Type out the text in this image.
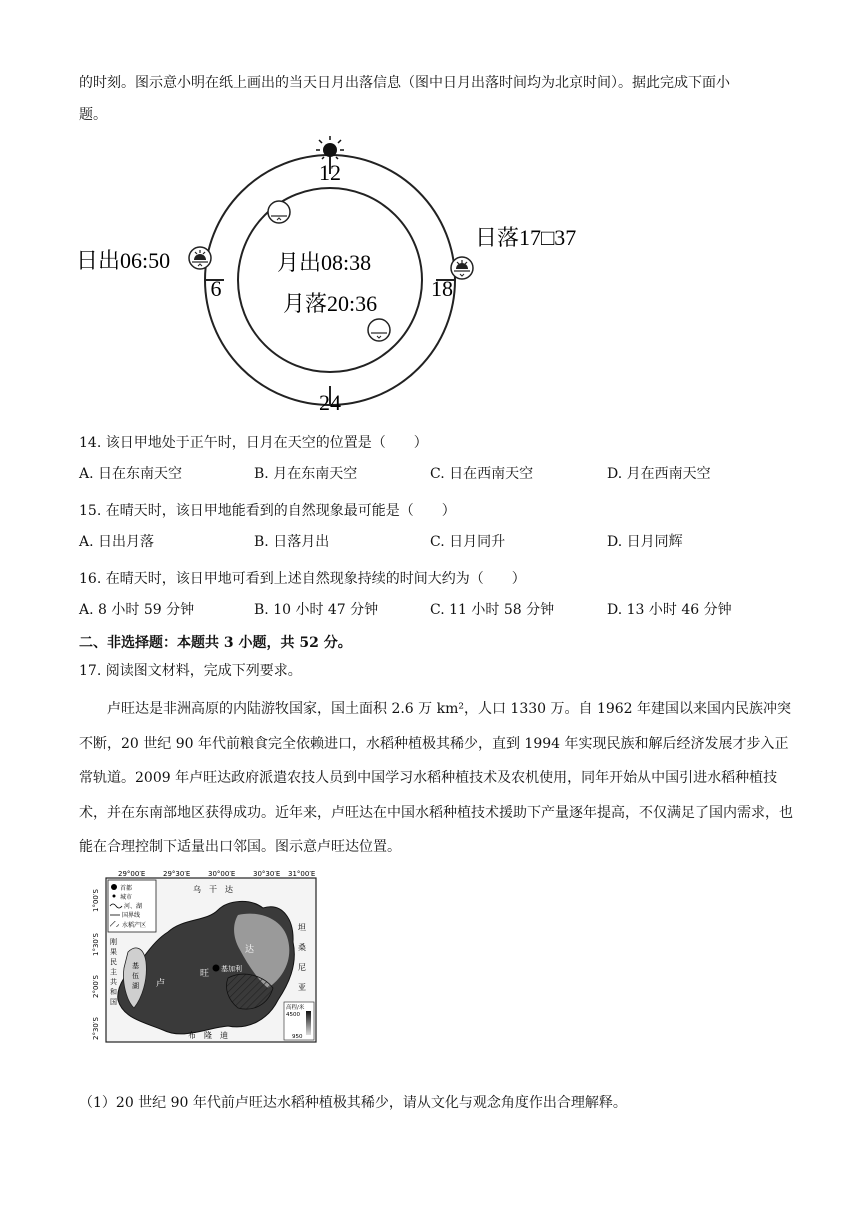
的时刻。图示意小明在纸上画出的当天日月出落信息（图中日月出落时间均为北京时间）。据此完成下面小
题。
12
24
6	18
日出06:50
日落17□37
月出08:38
月落20:36
14. 该日甲地处于正午时，日月在天空的位置是（　　）
A. 日在东南天空	B. 月在东南天空	C. 日在西南天空	D. 月在西南天空
15. 在晴天时，该日甲地能看到的自然现象最可能是（　　）
A. 日出月落	B. 日落月出	C. 日月同升	D. 日月同辉
16. 在晴天时，该日甲地可看到上述自然现象持续的时间大约为（　　）
A. 8 小时 59 分钟	B. 10 小时 47 分钟	C. 11 小时 58 分钟	D. 13 小时 46 分钟
二、非选择题：本题共 3 小题，共 52 分。
17. 阅读图文材料，完成下列要求。
卢旺达是非洲高原的内陆游牧国家，国土面积 2.6 万 km²，人口 1330 万。自 1962 年建国以来国内民族冲突不断，20 世纪 90 年代前粮食完全依赖进口，水稻种植极其稀少，直到 1994 年实现民族和解后经济发展才步入正常轨道。2009 年卢旺达政府派遣农技人员到中国学习水稻种植技术及农机使用，同年开始从中国引进水稻种植技术，并在东南部地区获得成功。近年来，卢旺达在中国水稻种植技术援助下产量逐年提高，不仅满足了国内需求，也能在合理控制下适量出口邻国。图示意卢旺达位置。
29°00′E	29°30′E	30°00′E	30°30′E 31°00′E
1°00′S
1°30′S
2°00′S
2°30′S
首都
城市
河、湖
国界线
水稻产区
乌　干　达
布　隆　迪
坦
桑
尼
亚
刚
果
民
主
共
和
国
基
伍
湖
基加利
达
旺
卢
高程/米
4500
950
（1）20 世纪 90 年代前卢旺达水稻种植极其稀少，请从文化与观念角度作出合理解释。
